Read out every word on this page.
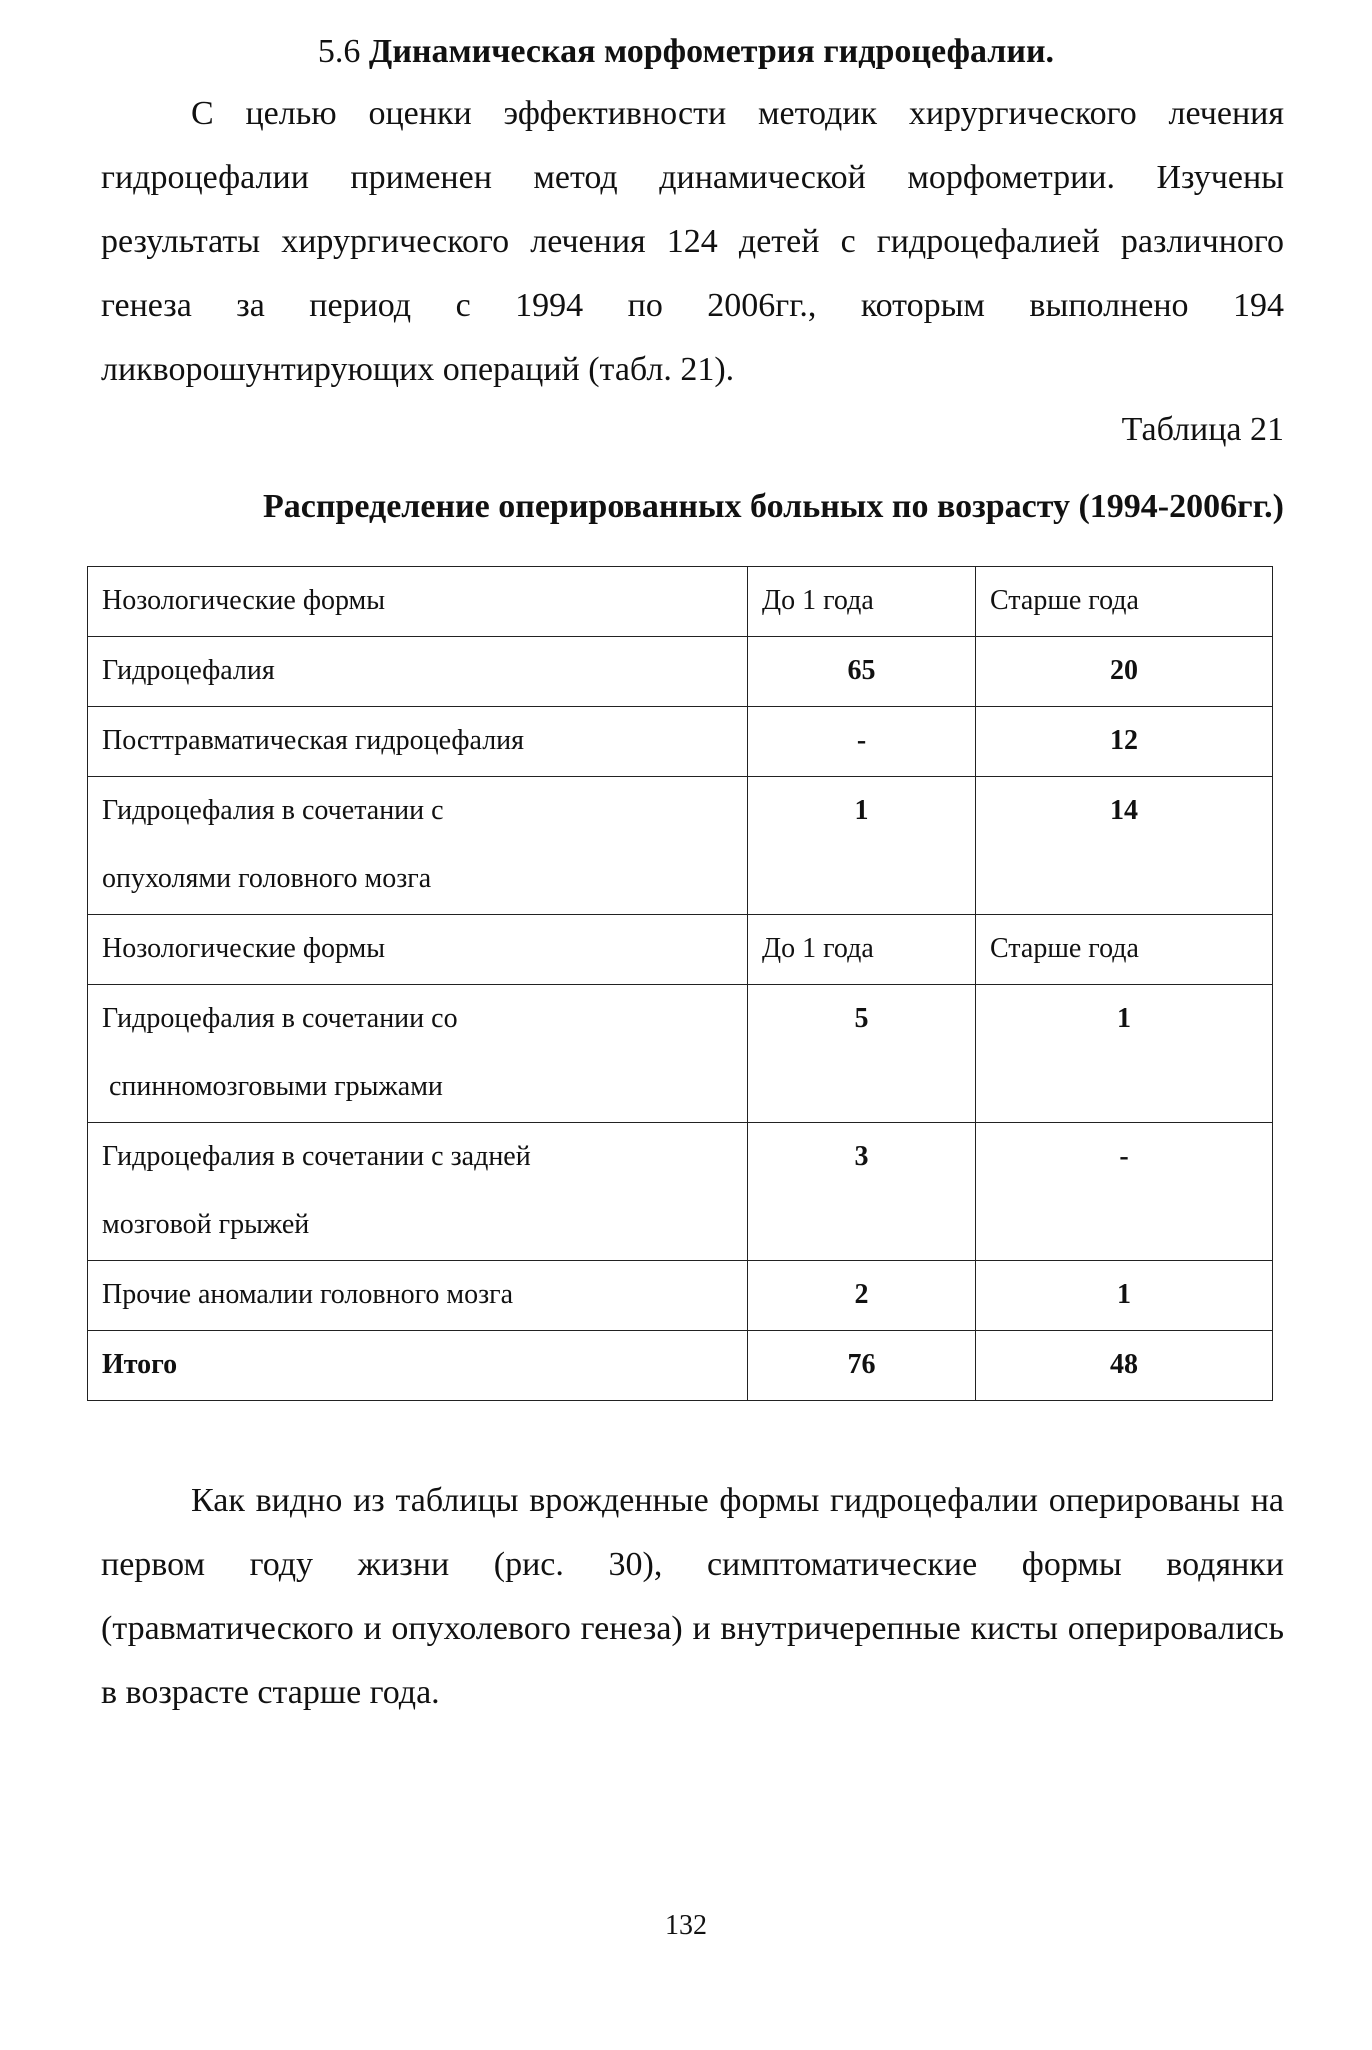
5.6 Динамическая морфометрия гидроцефалии.

С целью оценки эффективности методик хирургического лечения гидроцефалии применен метод динамической морфометрии. Изучены результаты хирургического лечения 124 детей с гидроцефалией различного генеза за период с 1994 по 2006гг., которым выполнено 194 ликворошунтирующих операций (табл. 21).

Таблица 21
Распределение оперированных больных по возрасту (1994-2006гг.)
Нозологические формы	До 1 года	Старше года

Гидроцефалия	65	20

Посттравматическая гидроцефалия	-	12

Гидроцефалия в сочетании с
опухолями головного мозга	1	14

Нозологические формы	До 1 года	Старше года

Гидроцефалия в сочетании со
спинномозговыми грыжами	5	1

Гидроцефалия в сочетании с задней
мозговой грыжей	3	-

Прочие аномалии головного мозга	2	1

Итого	76	48

Как видно из таблицы врожденные формы гидроцефалии оперированы на первом году жизни (рис. 30), симптоматические формы водянки (травматического и опухолевого генеза) и внутричерепные кисты оперировались в возрасте старше года.

132
